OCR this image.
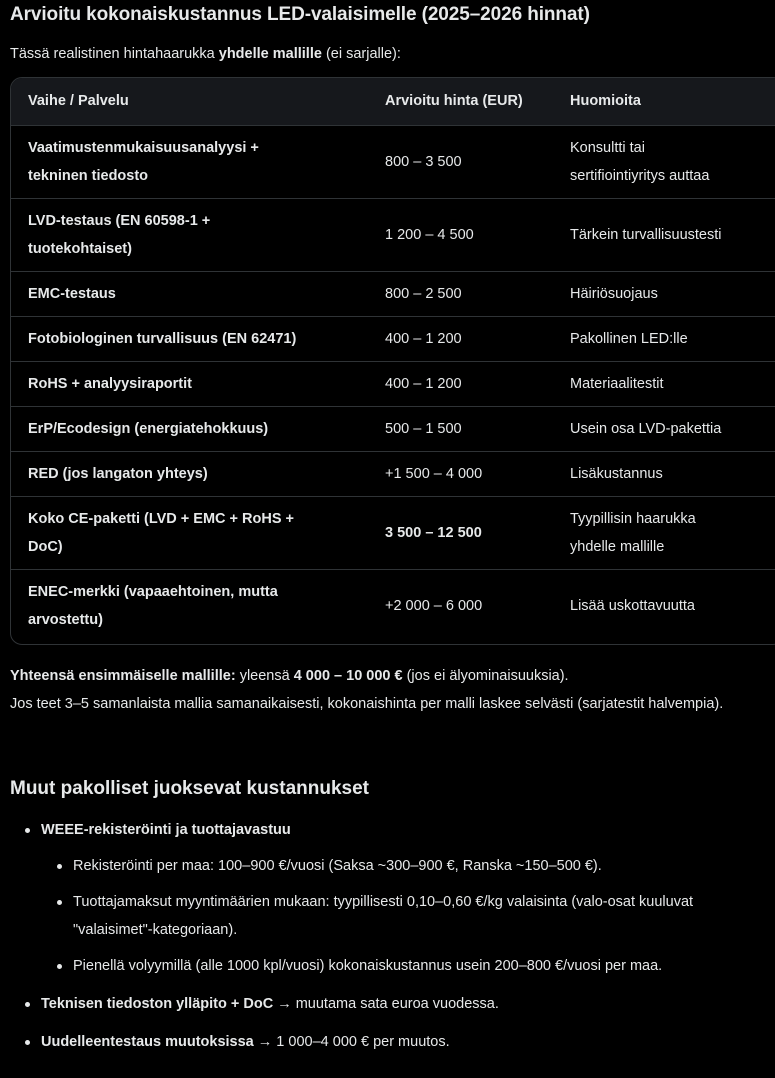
Arvioitu kokonaiskustannus LED-valaisimelle (2025–2026 hinnat)
Tässä realistinen hintahaarukka yhdelle mallille (ei sarjalle):
Vaihe / Palvelu	Arvioitu hinta (EUR)	Huomioita
Vaatimustenmukaisuusanalyysi +
tekninen tiedosto	800 – 3 500	Konsultti tai
sertifiointiyritys auttaa
LVD-testaus (EN 60598-1 +
tuotekohtaiset)	1 200 – 4 500	Tärkein turvallisuustesti
EMC-testaus	800 – 2 500	Häiriösuojaus
Fotobiologinen turvallisuus (EN 62471)	400 – 1 200	Pakollinen LED:lle
RoHS + analyysiraportit	400 – 1 200	Materiaalitestit
ErP/Ecodesign (energiatehokkuus)	500 – 1 500	Usein osa LVD-pakettia
RED (jos langaton yhteys)	+1 500 – 4 000	Lisäkustannus
Koko CE-paketti (LVD + EMC + RoHS +
DoC)	3 500 – 12 500	Tyypillisin haarukka
yhdelle mallille
ENEC-merkki (vapaaehtoinen, mutta
arvostettu)	+2 000 – 6 000	Lisää uskottavuutta
Yhteensä ensimmäiselle mallille: yleensä 4 000 – 10 000 € (jos ei älyominaisuuksia).
Jos teet 3–5 samanlaista mallia samanaikaisesti, kokonaishinta per malli laskee selvästi (sarjatestit halvempia).
Muut pakolliset juoksevat kustannukset
WEEE-rekisteröinti ja tuottajavastuu
Rekisteröinti per maa: 100–900 €/vuosi (Saksa ~300–900 €, Ranska ~150–500 €).
Tuottajamaksut myyntimäärien mukaan: tyypillisesti 0,10–0,60 €/kg valaisinta (valo-osat kuuluvat "valaisimet"-kategoriaan).
Pienellä volyymillä (alle 1000 kpl/vuosi) kokonaiskustannus usein 200–800 €/vuosi per maa.
Teknisen tiedoston ylläpito + DoC → muutama sata euroa vuodessa.
Uudelleentestaus muutoksissa → 1 000–4 000 € per muutos.
